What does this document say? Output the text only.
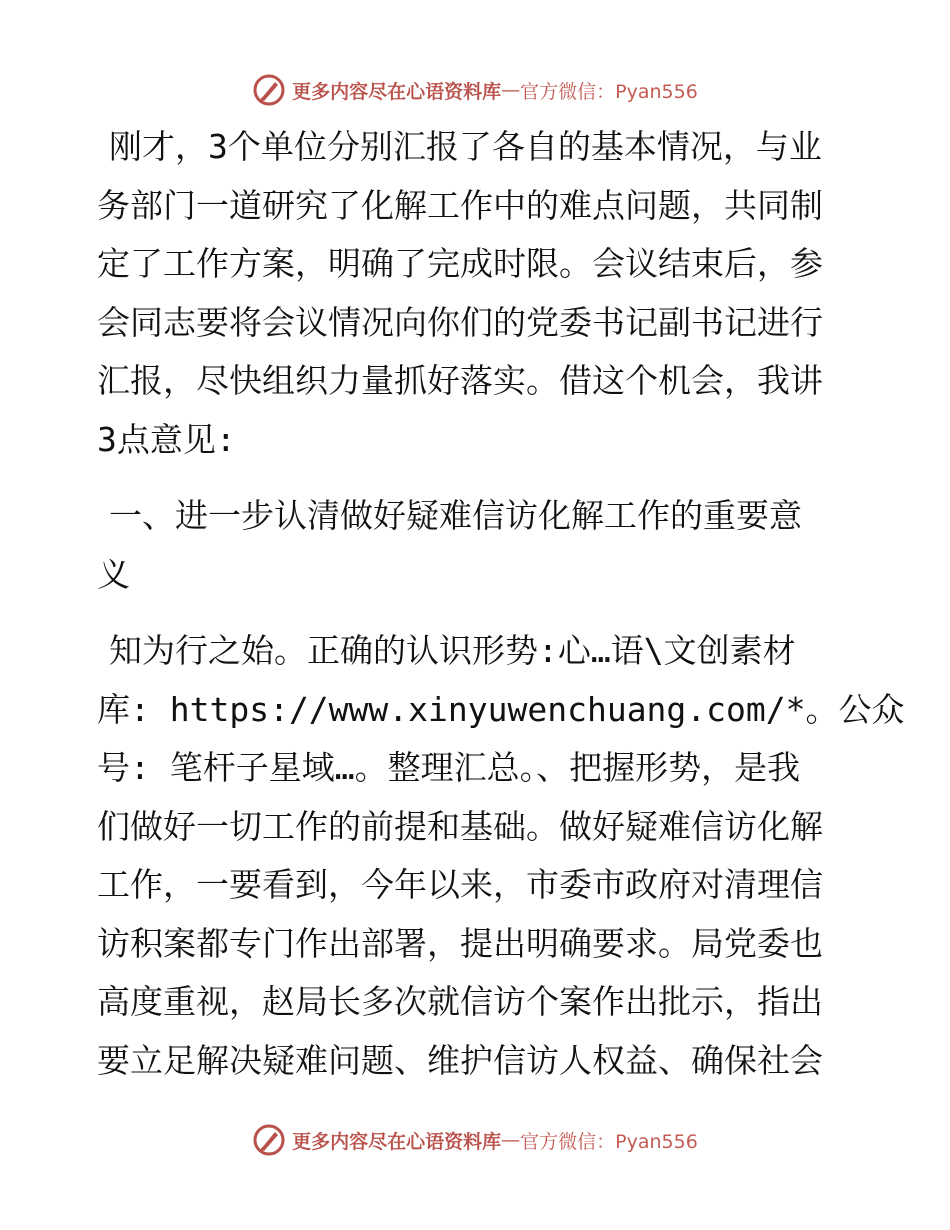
更多内容尽在心语资料库 — 官方微信：Pyan556
刚才，3个单位分别汇报了各自的基本情况，与业
务部门一道研究了化解工作中的难点问题，共同制
定了工作方案，明确了完成时限。会议结束后，参
会同志要将会议情况向你们的党委书记副书记进行
汇报，尽快组织力量抓好落实。借这个机会，我讲
3点意见:
一、进一步认清做好疑难信访化解工作的重要意
义
知为行之始。正确的认识形势:心…语\文创素材
库: https://www.xinyuwenchuang.com/*。公众
号: 笔杆子星域…。整理汇总。、把握形势，是我
们做好一切工作的前提和基础。做好疑难信访化解
工作，一要看到，今年以来，市委市政府对清理信
访积案都专门作出部署，提出明确要求。局党委也
高度重视，赵局长多次就信访个案作出批示，指出
要立足解决疑难问题、维护信访人权益、确保社会
更多内容尽在心语资料库 — 官方微信：Pyan556
